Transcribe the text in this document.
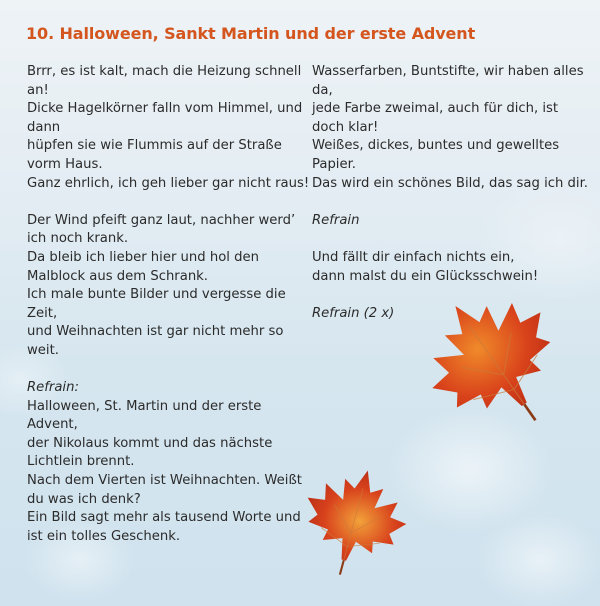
10. Halloween, Sankt Martin und der erste Advent
Brrr, es ist kalt, mach die Heizung schnell
an!
Dicke Hagelkörner falln vom Himmel, und
dann
hüpfen sie wie Flummis auf der Straße
vorm Haus.
Ganz ehrlich, ich geh lieber gar nicht raus!
Der Wind pfeift ganz laut, nachher werd’
ich noch krank.
Da bleib ich lieber hier und hol den
Malblock aus dem Schrank.
Ich male bunte Bilder und vergesse die
Zeit,
und Weihnachten ist gar nicht mehr so
weit.
Refrain:
Halloween, St. Martin und der erste
Advent,
der Nikolaus kommt und das nächste
Lichtlein brennt.
Nach dem Vierten ist Weihnachten. Weißt
du was ich denk?
Ein Bild sagt mehr als tausend Worte und
ist ein tolles Geschenk.
Wasserfarben, Buntstifte, wir haben alles
da,
jede Farbe zweimal, auch für dich, ist
doch klar!
Weißes, dickes, buntes und gewelltes
Papier.
Das wird ein schönes Bild, das sag ich dir.
Refrain
Und fällt dir einfach nichts ein,
dann malst du ein Glücksschwein!
Refrain (2 x)
